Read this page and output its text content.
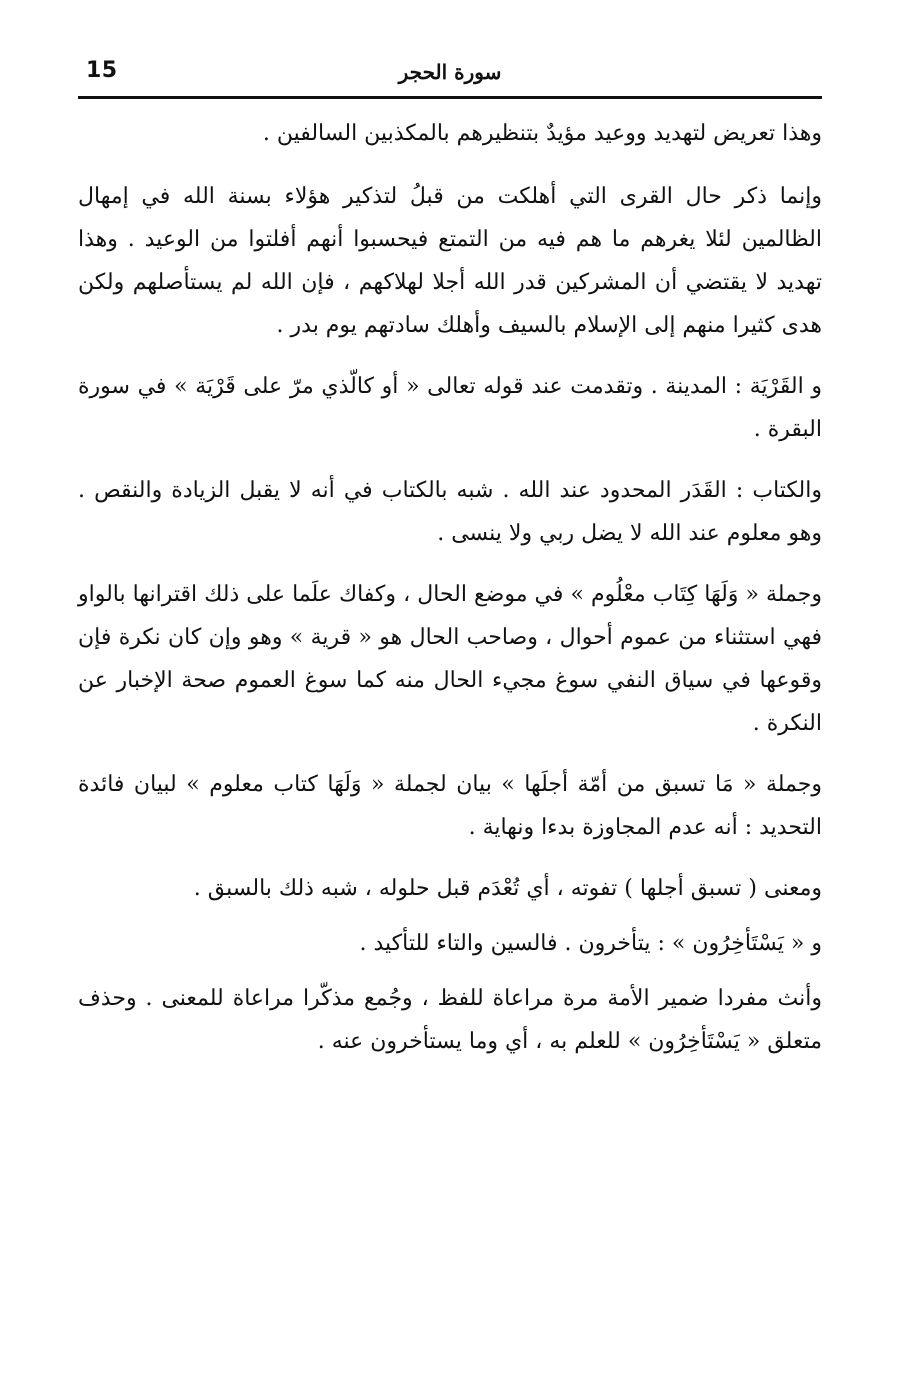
15	سورة الحجر

وهذا تعريض لتهديد ووعيد مؤيدٌ بتنظيرهم بالمكذبين السالفين .

وإنما ذكر حال القرى التي أهلكت من قبلُ لتذكير هؤلاء بسنة الله في إمهال الظالمين لئلا يغرهم ما هم فيه من التمتع فيحسبوا أنهم أفلتوا من الوعيد . وهذا تهديد لا يقتضي أن المشركين قدر الله أجلا لهلاكهم ، فإن الله لم يستأصلهم ولكن هدى كثيرا منهم إلى الإسلام بالسيف وأهلك سادتهم يوم بدر .

و القَرْيَة : المدينة . وتقدمت عند قوله تعالى « أو كالّذي مرّ على قَرْيَة » في سورة البقرة .

والكتاب : القَدَر المحدود عند الله . شبه بالكتاب في أنه لا يقبل الزيادة والنقص . وهو معلوم عند الله لا يضل ربي ولا ينسى .

وجملة « وَلَهَا كِتَاب معْلُوم » في موضع الحال ، وكفاك علَما على ذلك اقترانها بالواو فهي استثناء من عموم أحوال ، وصاحب الحال هو « قرية » وهو وإن كان نكرة فإن وقوعها في سياق النفي سوغ مجيء الحال منه كما سوغ العموم صحة الإخبار عن النكرة .

وجملة « مَا تسبق من أمّة أجلَها » بيان لجملة « وَلَهَا كتاب معلوم » لبيان فائدة التحديد : أنه عدم المجاوزة بدءا ونهاية .

ومعنى ( تسبق أجلها ) تفوته ، أي تُعْدَم قبل حلوله ، شبه ذلك بالسبق .

و « يَسْتَأخِرُون » : يتأخرون . فالسين والتاء للتأكيد .

وأنث مفردا ضمير الأمة مرة مراعاة للفظ ، وجُمع مذكّرا مراعاة للمعنى . وحذف متعلق « يَسْتَأخِرُون » للعلم به ، أي وما يستأخرون عنه .
